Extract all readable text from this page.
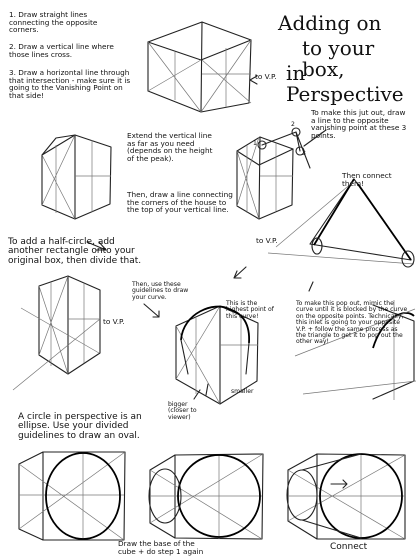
1. Draw straight lines connecting the opposite corners.
2. Draw a vertical line where those lines cross.
3. Draw a horizontal line through that intersection - make sure it is going to the Vanishing Point on that side!
Adding on
to your box,
in Perspective
to V.P.
To make this jut out, draw a line to the opposite vanishing point at these 3 points.
1
2
3
Extend the vertical line as far as you need (depends on the height of the peak).
Then, draw a line connecting the corners of the house to the top of your vertical line.
Then connect them!
to V.P.
To add a half-circle, add another rectangle onto your original box, then divide that.
to V.P.
Then, use these guidelines to draw your curve.
This is the highest point of this curve!
bigger (closer to viewer)
smaller
To make this pop out, mimic the curve until it is blocked by the curve on the opposite points. Technically, this inlet is going to your opposite V.P. + follow the same process as the triangle to get it to pop out the other way!
A circle in perspective is an ellipse. Use your divided guidelines to draw an oval.
Draw the base of the cube + do step 1 again	Connect
